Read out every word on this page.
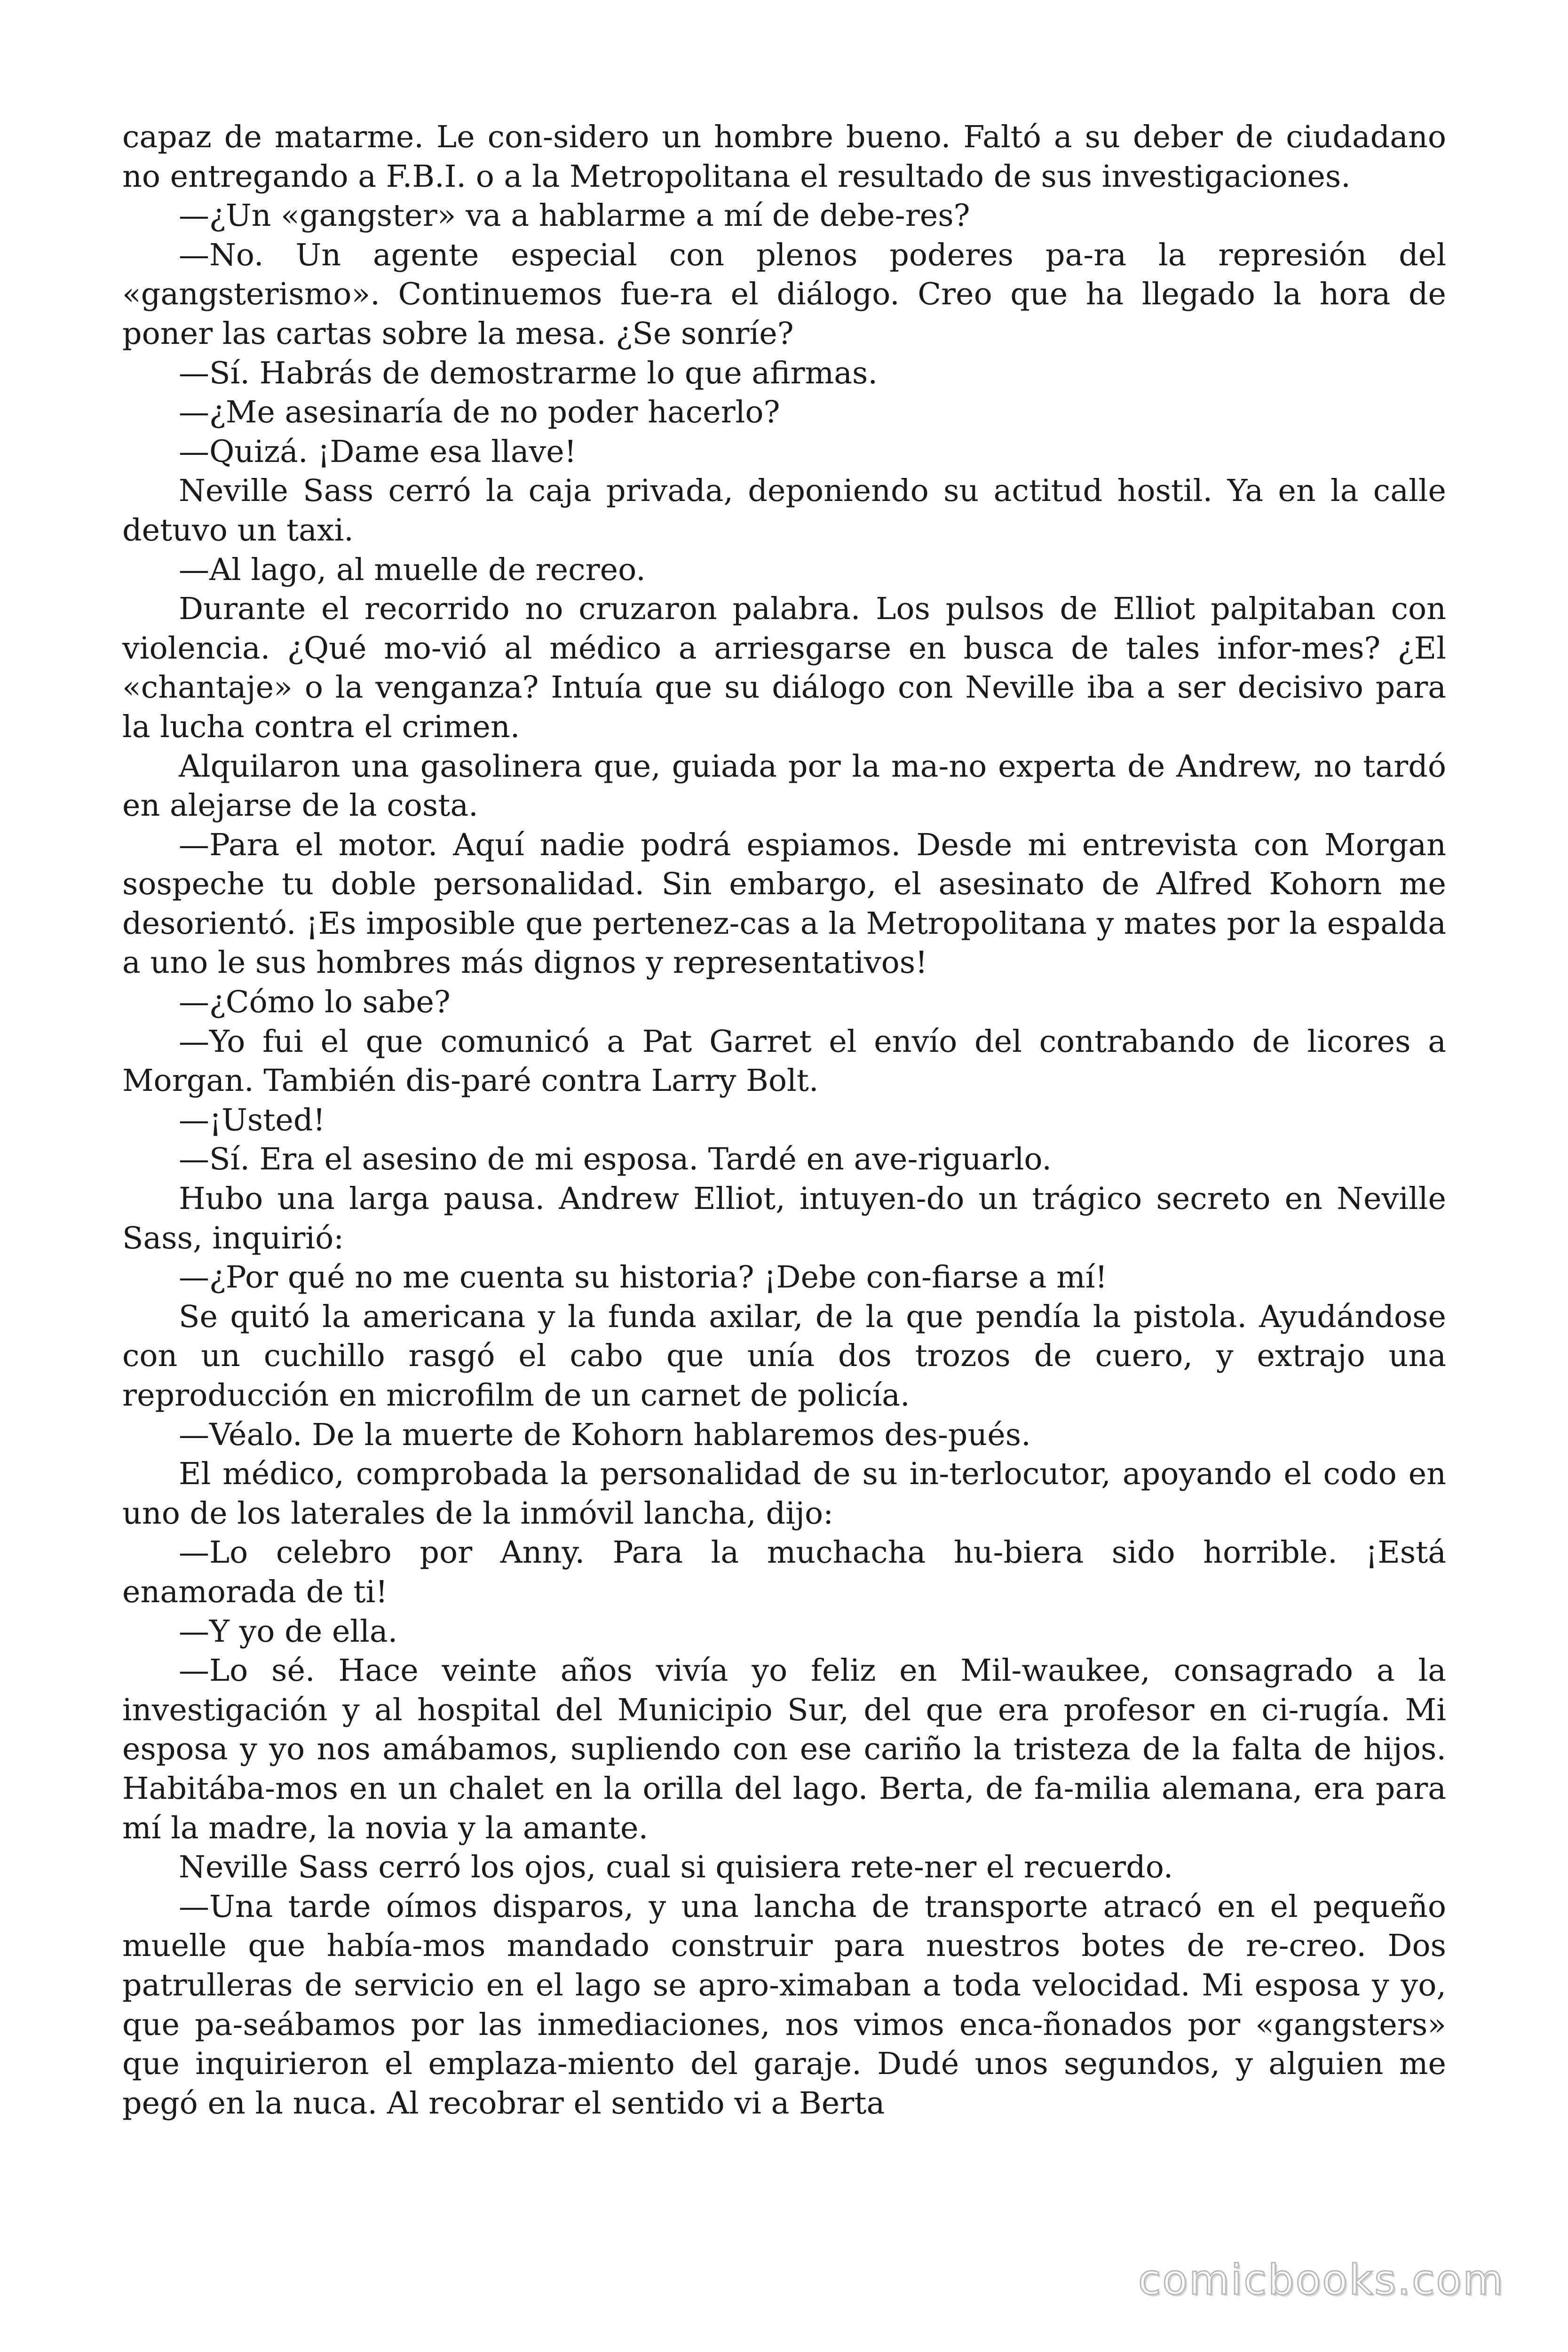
capaz de matarme. Le con-sidero un hombre bueno. Faltó a su deber de ciudadano no entregando a F.B.I. o a la Metropolitana el resultado de sus investigaciones.

—¿Un «gangster» va a hablarme a mí de debe-res?

—No. Un agente especial con plenos poderes pa-ra la represión del «gangsterismo». Continuemos fue-ra el diálogo. Creo que ha llegado la hora de poner las cartas sobre la mesa. ¿Se sonríe?

—Sí. Habrás de demostrarme lo que afirmas.

—¿Me asesinaría de no poder hacerlo?

—Quizá. ¡Dame esa llave!

Neville Sass cerró la caja privada, deponiendo su actitud hostil. Ya en la calle detuvo un taxi.

—Al lago, al muelle de recreo.

Durante el recorrido no cruzaron palabra. Los pulsos de Elliot palpitaban con violencia. ¿Qué mo-vió al médico a arriesgarse en busca de tales infor-mes? ¿El «chantaje» o la venganza? Intuía que su diálogo con Neville iba a ser decisivo para la lucha contra el crimen.

Alquilaron una gasolinera que, guiada por la ma-no experta de Andrew, no tardó en alejarse de la costa.

—Para el motor. Aquí nadie podrá espiamos. Desde mi entrevista con Morgan sospeche tu doble personalidad. Sin embargo, el asesinato de Alfred Kohorn me desorientó. ¡Es imposible que pertenez-cas a la Metropolitana y mates por la espalda a uno le sus hombres más dignos y representativos!

—¿Cómo lo sabe?

—Yo fui el que comunicó a Pat Garret el envío del contrabando de licores a Morgan. También dis-paré contra Larry Bolt.

—¡Usted!

—Sí. Era el asesino de mi esposa. Tardé en ave-riguarlo.

Hubo una larga pausa. Andrew Elliot, intuyen-do un trágico secreto en Neville Sass, inquirió:

—¿Por qué no me cuenta su historia? ¡Debe con-fiarse a mí!

Se quitó la americana y la funda axilar, de la que pendía la pistola. Ayudándose con un cuchillo rasgó el cabo que unía dos trozos de cuero, y extrajo una reproducción en microfilm de un carnet de policía.

—Véalo. De la muerte de Kohorn hablaremos des-pués.

El médico, comprobada la personalidad de su in-terlocutor, apoyando el codo en uno de los laterales de la inmóvil lancha, dijo:

—Lo celebro por Anny. Para la muchacha hu-biera sido horrible. ¡Está enamorada de ti!

—Y yo de ella.

—Lo sé. Hace veinte años vivía yo feliz en Mil-waukee, consagrado a la investigación y al hospital del Municipio Sur, del que era profesor en ci-rugía. Mi esposa y yo nos amábamos, supliendo con ese cariño la tristeza de la falta de hijos. Habitába-mos en un chalet en la orilla del lago. Berta, de fa-milia alemana, era para mí la madre, la novia y la amante.

Neville Sass cerró los ojos, cual si quisiera rete-ner el recuerdo.

—Una tarde oímos disparos, y una lancha de transporte atracó en el pequeño muelle que había-mos mandado construir para nuestros botes de re-creo. Dos patrulleras de servicio en el lago se apro-ximaban a toda velocidad. Mi esposa y yo, que pa-seábamos por las inmediaciones, nos vimos enca-ñonados por «gangsters» que inquirieron el emplaza-miento del garaje. Dudé unos segundos, y alguien me pegó en la nuca. Al recobrar el sentido vi a Berta

comicbooks.com
